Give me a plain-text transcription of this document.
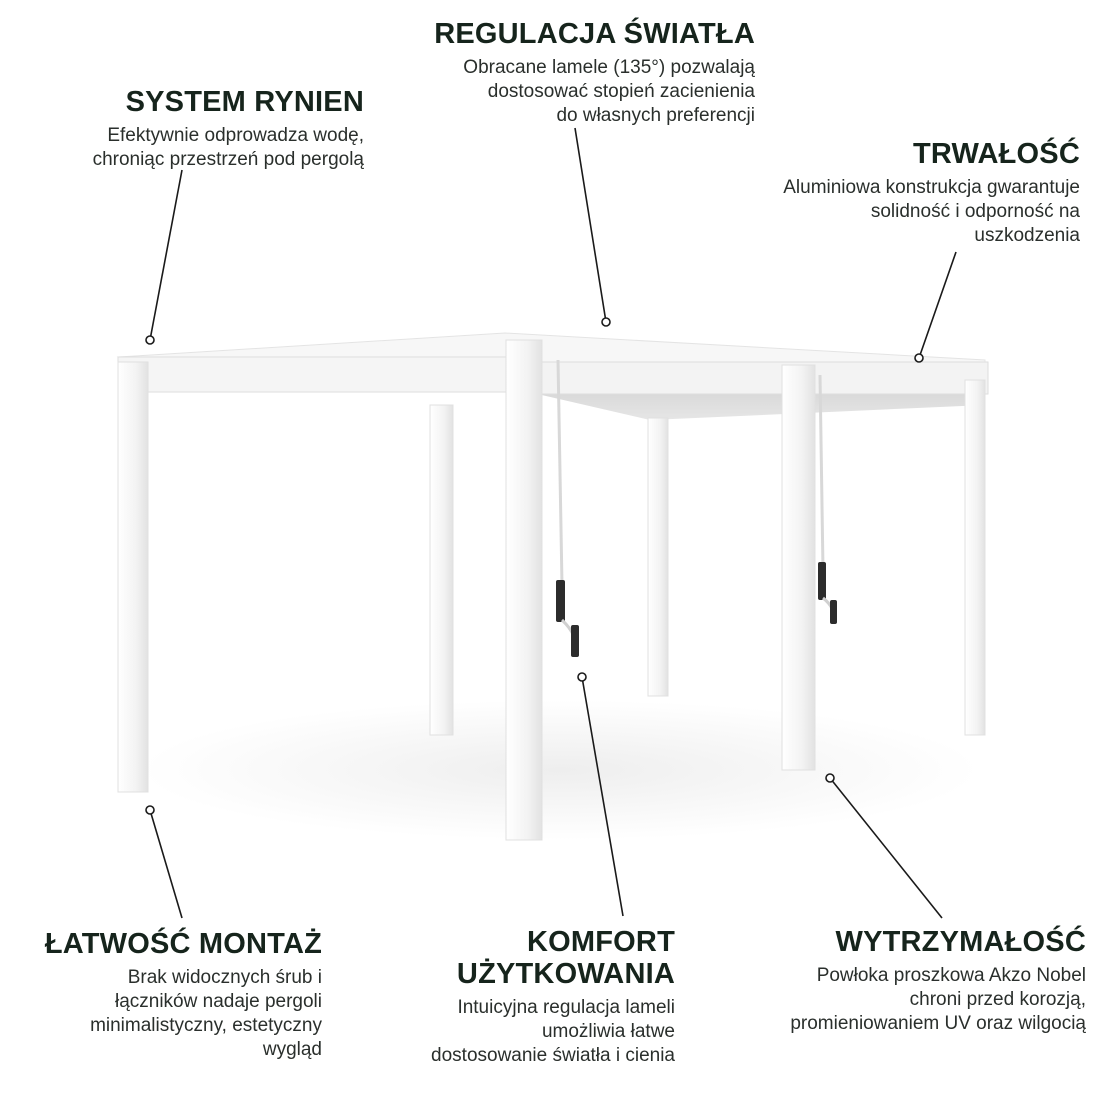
SYSTEM RYNIEN
Efektywnie odprowadza wodę,
chroniąc przestrzeń pod pergolą
REGULACJA ŚWIATŁA
Obracane lamele (135°) pozwalają
dostosować stopień zacienienia
do własnych preferencji
TRWAŁOŚĆ
Aluminiowa konstrukcja gwarantuje
solidność i odporność na
uszkodzenia
ŁATWOŚĆ MONTAŻ
Brak widocznych śrub i
łączników nadaje pergoli
minimalistyczny, estetyczny
wygląd
KOMFORT
UŻYTKOWANIA
Intuicyjna regulacja lameli
umożliwia łatwe
dostosowanie światła i cienia
WYTRZYMAŁOŚĆ
Powłoka proszkowa Akzo Nobel
chroni przed korozją,
promieniowaniem UV oraz wilgocią
